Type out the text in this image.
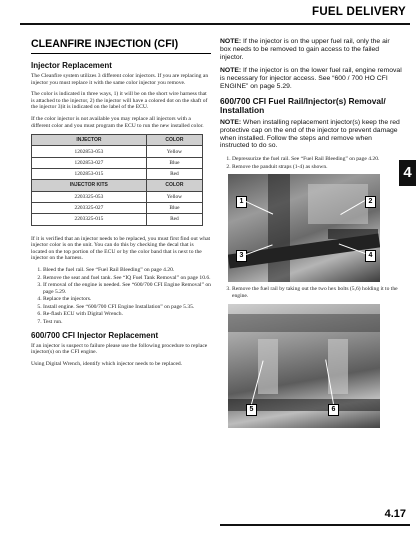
FUEL DELIVERY
4
CLEANFIRE INJECTION (CFI)
Injector Replacement

The Cleanfire system utilizes 3 different color injectors. If you are replacing an injector you must replace it with the same color injector you remove.

The color is indicated in three ways, 1) it will be on the short wire harness that is attached to the injector, 2) the injector will have a colored dot on the shaft of the injector 3)it is indicated on the label of the ECU.

If the color injector is not available you may replace all injectors with a different color and you must program the ECU to run the new installed color.

INJECTOR	COLOR
1202853-053	Yellow
1202853-027	Blue
1202853-015	Red
INJECTOR KITS	COLOR
2203325-053	Yellow
2203325-027	Blue
2203325-015	Red

If it is verified that an injector needs to be replaced, you must first find out what injector color is on the unit. You can do this by checking the decal that is located on the top portion of the ECU or by the color band that is next to the injector on the harness.

1. Bleed the fuel rail. See “Fuel Rail Bleeding” on page 4.20.
2. Remove the seat and fuel tank. See “IQ Fuel Tank Removal” on page 10.6.
3. If removal of the engine is needed. See “600/700 CFI Engine Removal” on page 5.29.
4. Replace the injectors.
5. Install engine. See “600/700 CFI Engine Installation” on page 5.35.
6. Re-flash ECU with Digital Wrench.
7. Test run.
600/700 CFI Injector Replacement

If an injector is suspect to failure please use the following procedure to replace injector(s) on the CFI engine.

Using Digital Wrench, identify which injector needs to be replaced.

NOTE: If the injector is on the upper fuel rail, only the air box needs to be removed to gain access to the failed injector.
NOTE: If the injector is on the lower fuel rail, engine removal is necessary for injector access. See “600 / 700 HO CFI ENGINE” on page 5.29.
600/700 CFI Fuel Rail/Injector(s) Removal/ Installation
NOTE: When installing replacement injector(s) keep the red protective cap on the end of the injector to prevent damage when installed. Follow the steps and remove when instructed to do so.
1. Depressurize the fuel rail. See “Fuel Rail Bleeding” on page 4.20.
2. Remove the panduit straps (1-4) as shown.
1	2
3	4
3. Remove the fuel rail by taking out the two hex bolts (5,6) holding it to the engine.
5	6
4.17
